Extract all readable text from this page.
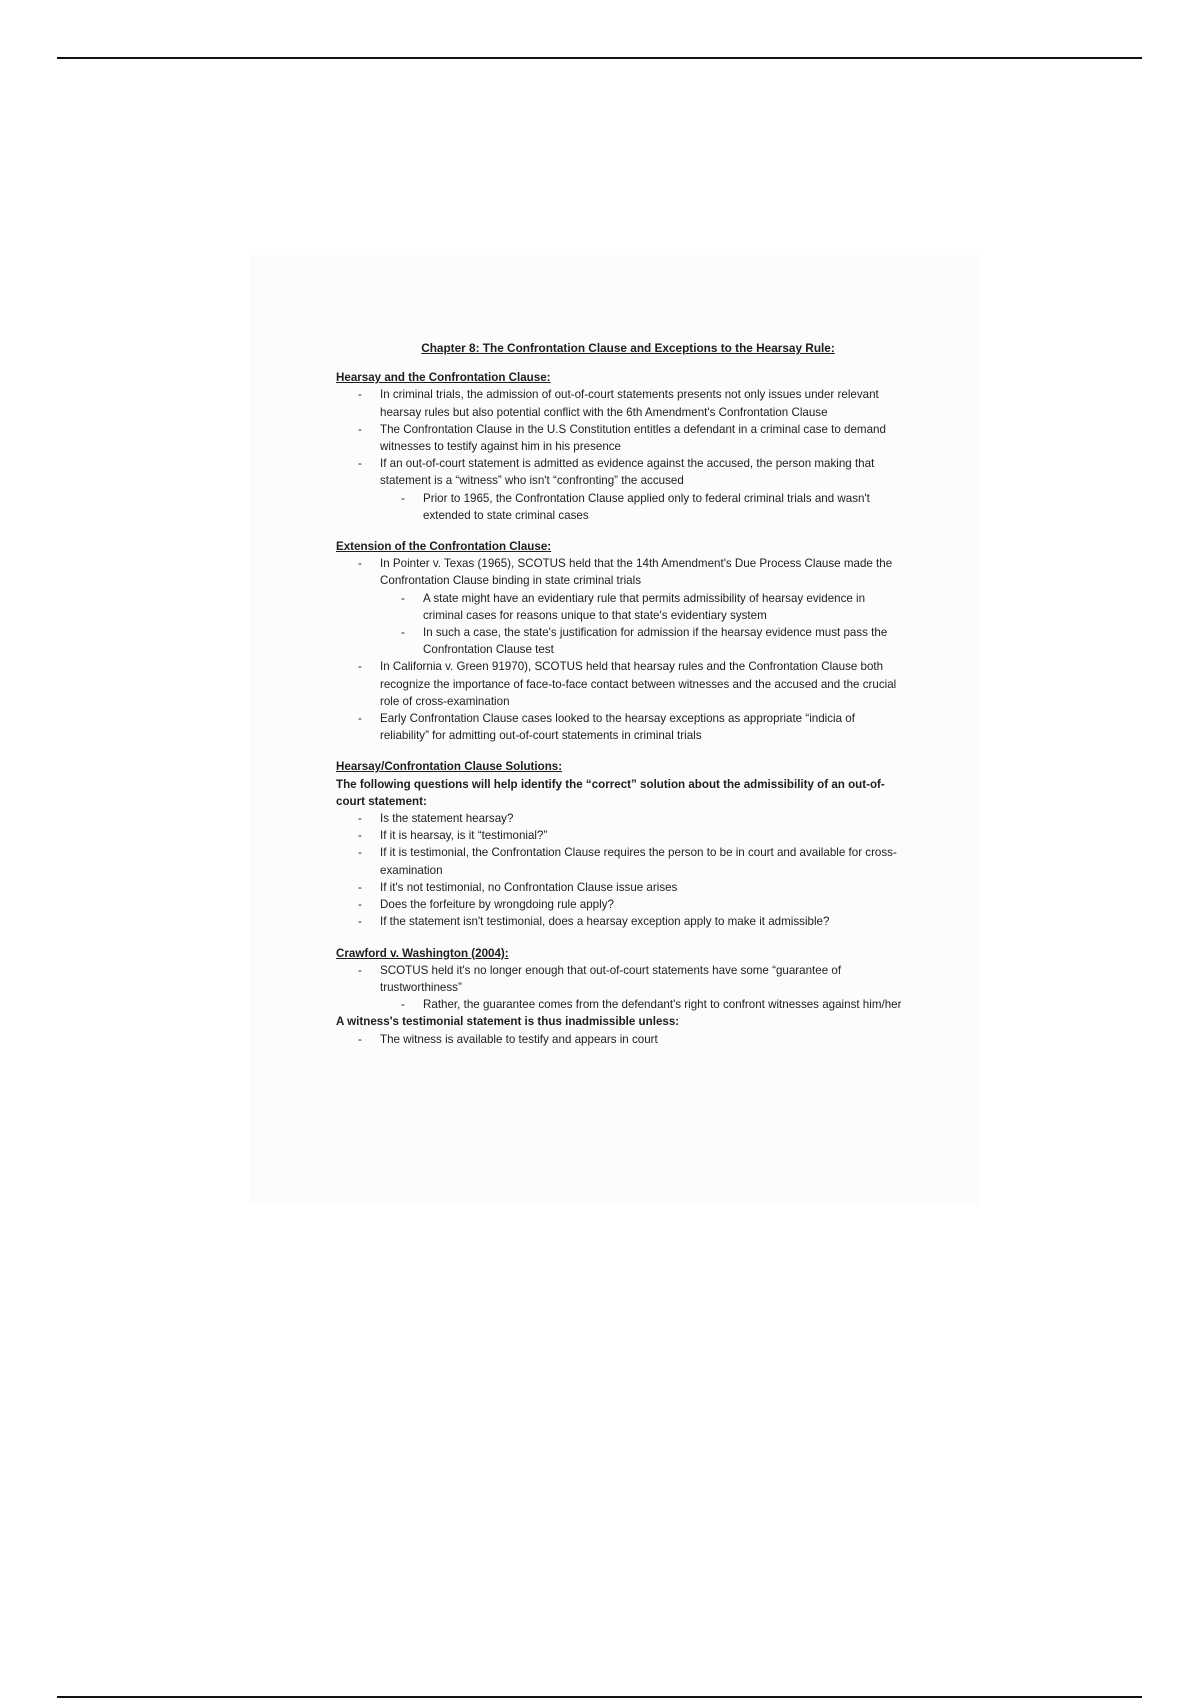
Chapter 8: The Confrontation Clause and Exceptions to the Hearsay Rule:

Hearsay and the Confrontation Clause:

- In criminal trials, the admission of out-of-court statements presents not only issues under relevant hearsay rules but also potential conflict with the 6th Amendment's Confrontation Clause
- The Confrontation Clause in the U.S Constitution entitles a defendant in a criminal case to demand witnesses to testify against him in his presence
- If an out-of-court statement is admitted as evidence against the accused, the person making that statement is a “witness” who isn't “confronting” the accused
- Prior to 1965, the Confrontation Clause applied only to federal criminal trials and wasn't extended to state criminal cases

Extension of the Confrontation Clause:

- In Pointer v. Texas (1965), SCOTUS held that the 14th Amendment's Due Process Clause made the Confrontation Clause binding in state criminal trials
- A state might have an evidentiary rule that permits admissibility of hearsay evidence in criminal cases for reasons unique to that state's evidentiary system
- In such a case, the state's justification for admission if the hearsay evidence must pass the Confrontation Clause test
- In California v. Green 91970), SCOTUS held that hearsay rules and the Confrontation Clause both recognize the importance of face-to-face contact between witnesses and the accused and the crucial role of cross-examination
- Early Confrontation Clause cases looked to the hearsay exceptions as appropriate “indicia of reliability” for admitting out-of-court statements in criminal trials

Hearsay/Confrontation Clause Solutions:

The following questions will help identify the “correct” solution about the admissibility of an out-of-court statement:

- Is the statement hearsay?
- If it is hearsay, is it “testimonial?”
- If it is testimonial, the Confrontation Clause requires the person to be in court and available for cross-examination
- If it's not testimonial, no Confrontation Clause issue arises
- Does the forfeiture by wrongdoing rule apply?
- If the statement isn't testimonial, does a hearsay exception apply to make it admissible?

Crawford v. Washington (2004):

- SCOTUS held it's no longer enough that out-of-court statements have some “guarantee of trustworthiness”
- Rather, the guarantee comes from the defendant's right to confront witnesses against him/her

A witness's testimonial statement is thus inadmissible unless:

- The witness is available to testify and appears in court
